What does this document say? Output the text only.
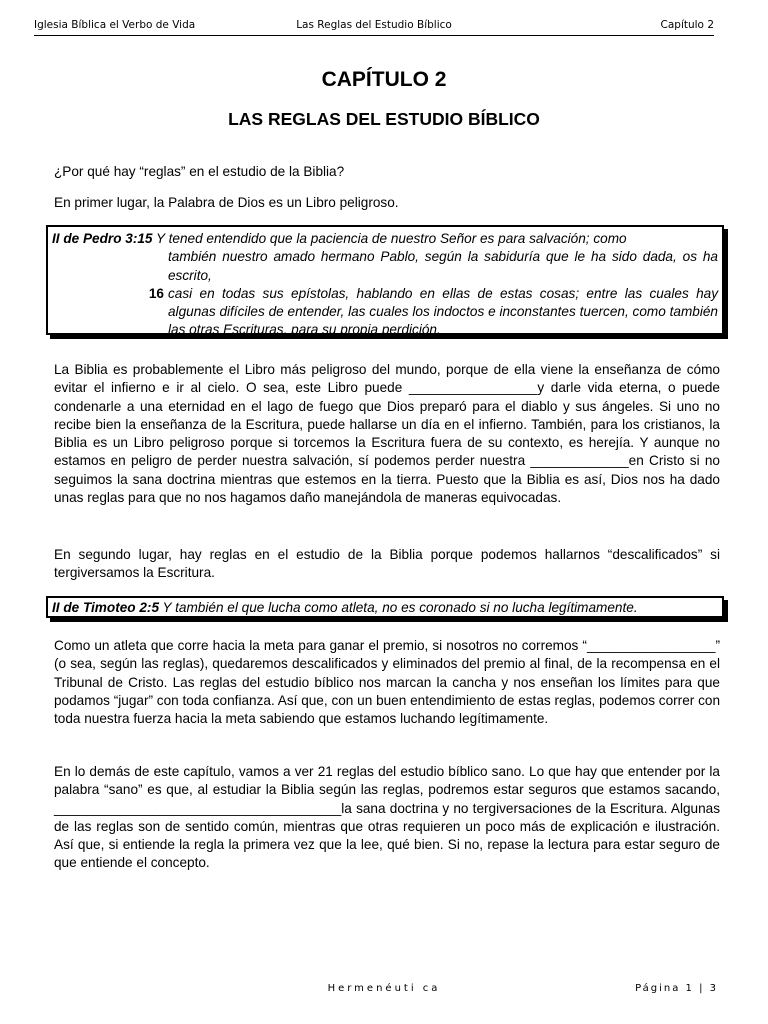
Iglesia Bíblica el Verbo de Vida	Las Reglas del Estudio Bíblico	Capítulo 2
CAPÍTULO 2
LAS REGLAS DEL ESTUDIO BÍBLICO

¿Por qué hay “reglas” en el estudio de la Biblia?

En primer lugar, la Palabra de Dios es un Libro peligroso.

II de Pedro 3:15 Y tened entendido que la paciencia de nuestro Señor es para salvación; como
también nuestro amado hermano Pablo, según la sabiduría que le ha sido dada, os ha escrito,
16 casi en todas sus epístolas, hablando en ellas de estas cosas; entre las cuales hay algunas difíciles de entender, las cuales los indoctos e inconstantes tuercen, como también las otras Escrituras, para su propia perdición.

La Biblia es probablemente el Libro más peligroso del mundo, porque de ella viene la enseñanza de cómo evitar el infierno e ir al cielo. O sea, este Libro puede _________________y darle vida eterna, o puede condenarle a una eternidad en el lago de fuego que Dios preparó para el diablo y sus ángeles. Si uno no recibe bien la enseñanza de la Escritura, puede hallarse un día en el infierno. También, para los cristianos, la Biblia es un Libro peligroso porque si torcemos la Escritura fuera de su contexto, es herejía. Y aunque no estamos en peligro de perder nuestra salvación, sí podemos perder nuestra _____________en Cristo si no seguimos la sana doctrina mientras que estemos en la tierra. Puesto que la Biblia es así, Dios nos ha dado unas reglas para que no nos hagamos daño manejándola de maneras equivocadas.

En segundo lugar, hay reglas en el estudio de la Biblia porque podemos hallarnos “descalificados” si tergiversamos la Escritura.

II de Timoteo 2:5 Y también el que lucha como atleta, no es coronado si no lucha legítimamente.

Como un atleta que corre hacia la meta para ganar el premio, si nosotros no corremos “_________________” (o sea, según las reglas), quedaremos descalificados y eliminados del premio al final, de la recompensa en el Tribunal de Cristo. Las reglas del estudio bíblico nos marcan la cancha y nos enseñan los límites para que podamos “jugar” con toda confianza. Así que, con un buen entendimiento de estas reglas, podemos correr con toda nuestra fuerza hacia la meta sabiendo que estamos luchando legítimamente.

En lo demás de este capítulo, vamos a ver 21 reglas del estudio bíblico sano. Lo que hay que entender por la palabra “sano” es que, al estudiar la Biblia según las reglas, podremos estar seguros que estamos sacando, ______________________________________la sana doctrina y no tergiversaciones de la Escritura. Algunas de las reglas son de sentido común, mientras que otras requieren un poco más de explicación e ilustración. Así que, si entiende la regla la primera vez que la lee, qué bien. Si no, repase la lectura para estar seguro de que entiende el concepto.

Hermenéuti ca	Página 1 | 3
